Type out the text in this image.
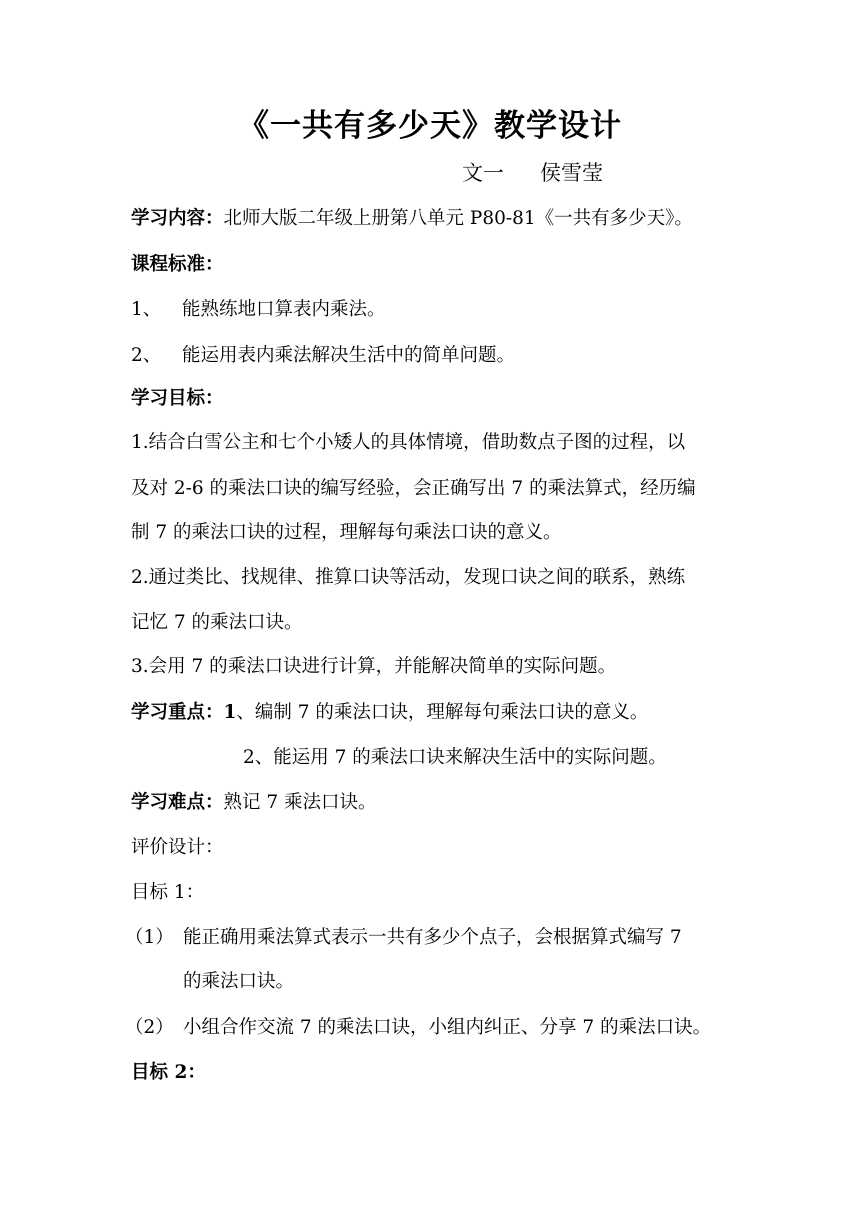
《一共有多少天》教学设计
文一 侯雪莹
学习内容：北师大版二年级上册第八单元 P80-81《一共有多少天》。
课程标准：
1、 能熟练地口算表内乘法。
2、 能运用表内乘法解决生活中的简单问题。
学习目标：
1.结合白雪公主和七个小矮人的具体情境，借助数点子图的过程，以
及对 2-6 的乘法口诀的编写经验，会正确写出 7 的乘法算式，经历编
制 7 的乘法口诀的过程，理解每句乘法口诀的意义。
2.通过类比、找规律、推算口诀等活动，发现口诀之间的联系，熟练
记忆 7 的乘法口诀。
3.会用 7 的乘法口诀进行计算，并能解决简单的实际问题。
学习重点：1、编制 7 的乘法口诀，理解每句乘法口诀的意义。
2、能运用 7 的乘法口诀来解决生活中的实际问题。
学习难点：熟记 7 乘法口诀。
评价设计：
目标 1：
（1） 能正确用乘法算式表示一共有多少个点子，会根据算式编写 7
的乘法口诀。
（2） 小组合作交流 7 的乘法口诀，小组内纠正、分享 7 的乘法口诀。
目标 2：
